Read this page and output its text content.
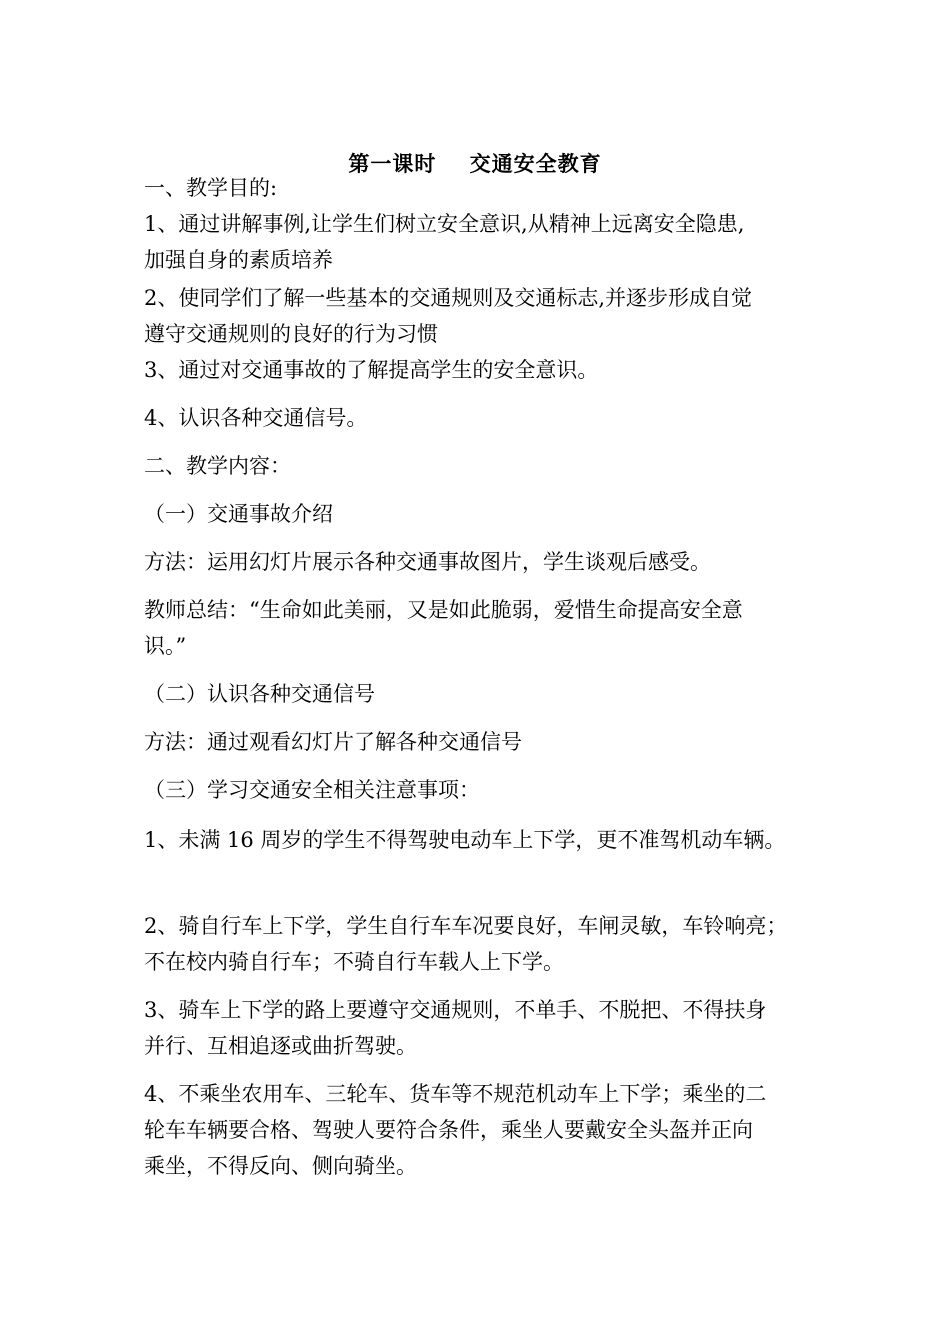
第一课时    交通安全教育
一、教学目的:
1、通过讲解事例,让学生们树立安全意识,从精神上远离安全隐患,
加强自身的素质培养
2、使同学们了解一些基本的交通规则及交通标志,并逐步形成自觉
遵守交通规则的良好的行为习惯
3、通过对交通事故的了解提高学生的安全意识。
4、认识各种交通信号。
二、教学内容：
（一）交通事故介绍
方法：运用幻灯片展示各种交通事故图片，学生谈观后感受。
教师总结：“生命如此美丽，又是如此脆弱，爱惜生命提高安全意
识。”
（二）认识各种交通信号
方法：通过观看幻灯片了解各种交通信号
（三）学习交通安全相关注意事项：
1、未满 16 周岁的学生不得驾驶电动车上下学，更不准驾机动车辆。
2、骑自行车上下学，学生自行车车况要良好，车闸灵敏，车铃响亮；
不在校内骑自行车；不骑自行车载人上下学。
3、骑车上下学的路上要遵守交通规则，不单手、不脱把、不得扶身
并行、互相追逐或曲折驾驶。
4、不乘坐农用车、三轮车、货车等不规范机动车上下学；乘坐的二
轮车车辆要合格、驾驶人要符合条件，乘坐人要戴安全头盔并正向
乘坐，不得反向、侧向骑坐。
